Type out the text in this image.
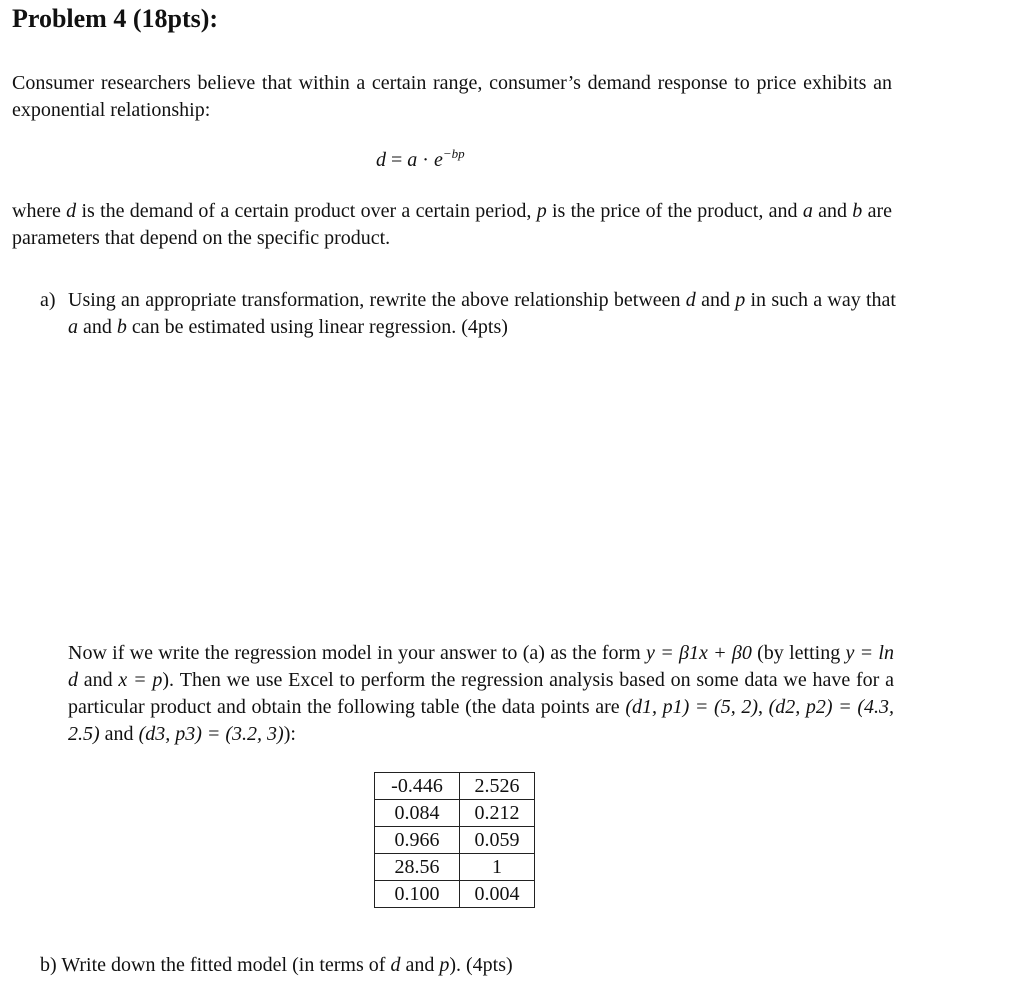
Problem 4 (18pts):
Consumer researchers believe that within a certain range, consumer’s demand response to price exhibits an exponential relationship:
$d = a \cdot e^{-bp}$
where d is the demand of a certain product over a certain period, p is the price of the product, and a and b are parameters that depend on the specific product.
a) Using an appropriate transformation, rewrite the above relationship between d and p in such a way that a and b can be estimated using linear regression. (4pts)
Now if we write the regression model in your answer to (a) as the form y = β1x + β0 (by letting y = ln d and x = p). Then we use Excel to perform the regression analysis based on some data we have for a particular product and obtain the following table (the data points are (d1, p1) = (5, 2), (d2, p2) = (4.3, 2.5) and (d3, p3) = (3.2, 3)):
-0.446	2.526
0.084	0.212
0.966	0.059
28.56	1
0.100	0.004
b) Write down the fitted model (in terms of d and p). (4pts)
